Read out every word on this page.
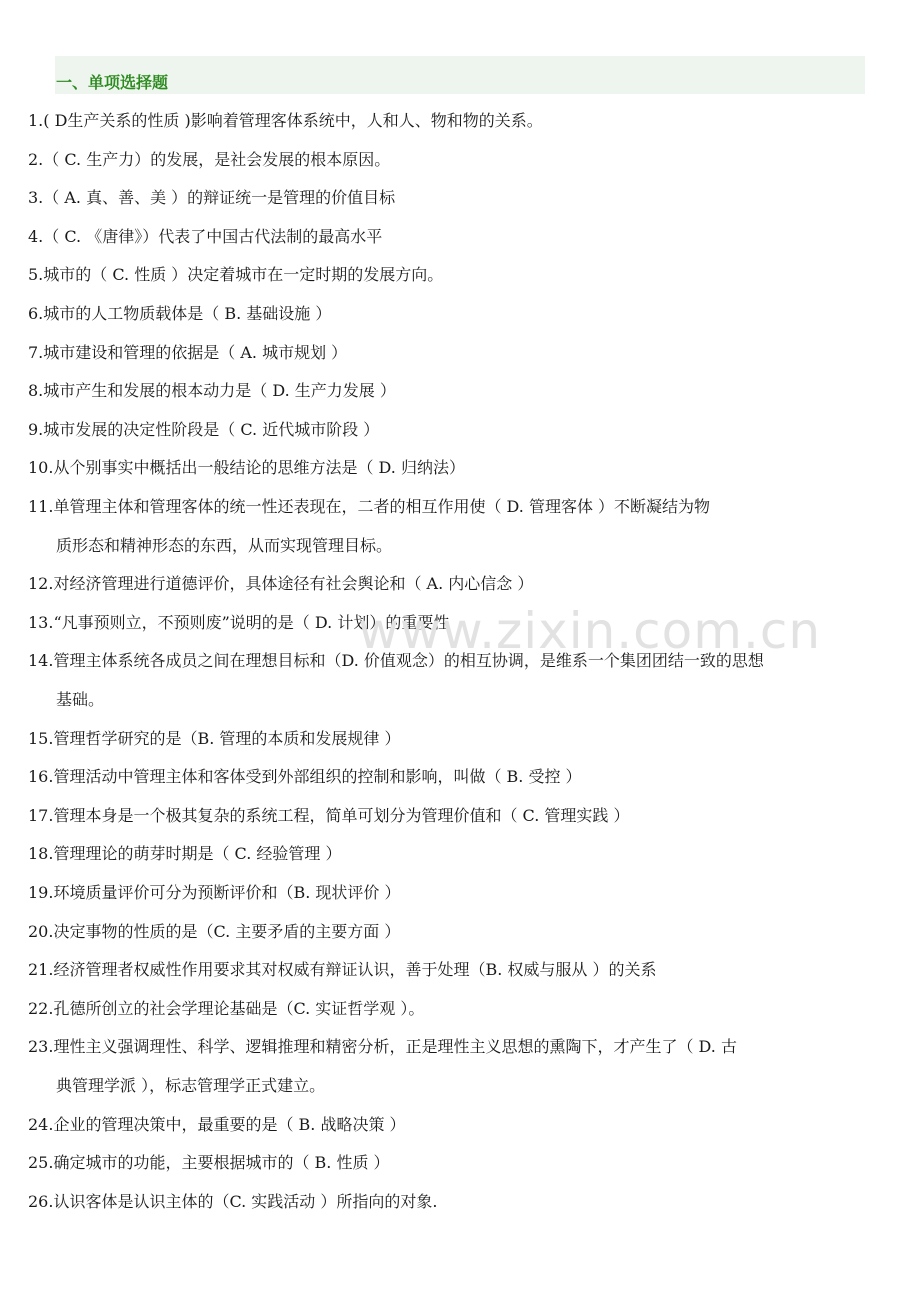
一、单项选择题
1.( D生产关系的性质 )影响着管理客体系统中，人和人、物和物的关系。
2.（ C. 生产力）的发展，是社会发展的根本原因。
3.（ A. 真、善、美 ）的辩证统一是管理的价值目标
4.（ C. 《唐律》）代表了中国古代法制的最高水平
5.城市的（ C. 性质 ）决定着城市在一定时期的发展方向。
6.城市的人工物质载体是（ B. 基础设施 ）
7.城市建设和管理的依据是（ A. 城市规划 ）
8.城市产生和发展的根本动力是（ D. 生产力发展 ）
9.城市发展的决定性阶段是（ C. 近代城市阶段 ）
10.从个别事实中概括出一般结论的思维方法是（ D. 归纳法）
11.单管理主体和管理客体的统一性还表现在，二者的相互作用使（ D. 管理客体 ）不断凝结为物
质形态和精神形态的东西，从而实现管理目标。
12.对经济管理进行道德评价，具体途径有社会舆论和（ A. 内心信念 ）
13.“凡事预则立，不预则废”说明的是（ D. 计划）的重要性
14.管理主体系统各成员之间在理想目标和（D. 价值观念）的相互协调，是维系一个集团团结一致的思想
基础。
15.管理哲学研究的是（B. 管理的本质和发展规律 ）
16.管理活动中管理主体和客体受到外部组织的控制和影响，叫做（ B. 受控 ）
17.管理本身是一个极其复杂的系统工程，简单可划分为管理价值和（ C. 管理实践 ）
18.管理理论的萌芽时期是（ C. 经验管理 ）
19.环境质量评价可分为预断评价和（B. 现状评价 ）
20.决定事物的性质的是（C. 主要矛盾的主要方面 ）
21.经济管理者权威性作用要求其对权威有辩证认识，善于处理（B. 权威与服从 ）的关系
22.孔德所创立的社会学理论基础是（C. 实证哲学观 ）。
23.理性主义强调理性、科学、逻辑推理和精密分析，正是理性主义思想的熏陶下，才产生了（ D. 古
典管理学派 ），标志管理学正式建立。
24.企业的管理决策中，最重要的是（ B. 战略决策 ）
25.确定城市的功能，主要根据城市的（ B. 性质 ）
26.认识客体是认识主体的（C. 实践活动 ）所指向的对象.
www.zixin.com.cn
